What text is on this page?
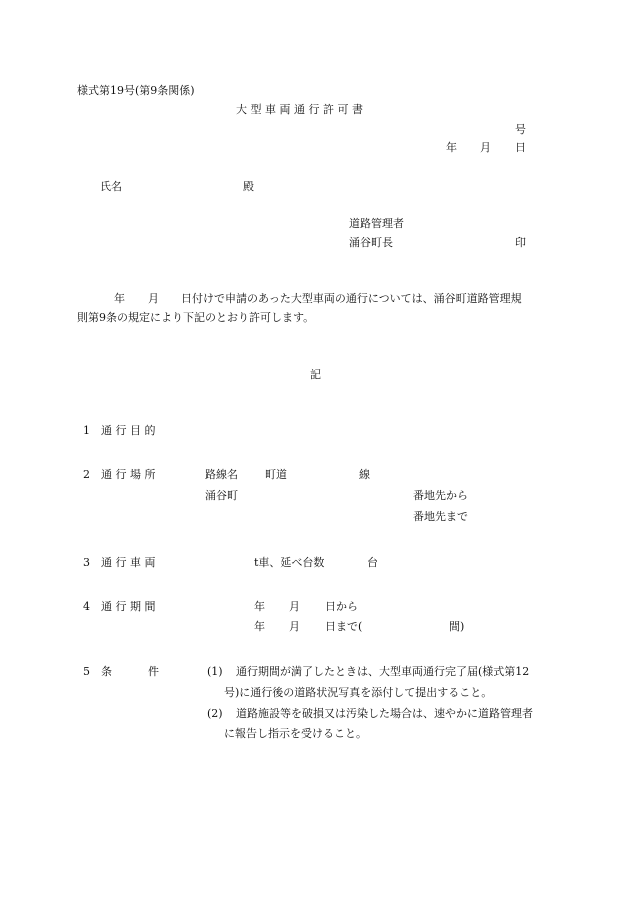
様式第19号(第9条関係)
大 型 車 両 通 行 許 可 書
号
年 月 日
氏名	殿
道路管理者
涌谷町長	印
年 月 日付けで申請のあった大型車両の通行については、涌谷町道路管理規
則第9条の規定により下記のとおり許可します。
記
1 通 行 目 的
2 通 行 場 所	路線名 町道	線
涌谷町	番地先から
番地先まで
3 通 行 車 両	t車、延べ台数	台
4 通 行 期 間	年 月 日から
年 月 日まで(	間)
5 条	件	(1) 通行期間が満了したときは、大型車両通行完了届(様式第12
号)に通行後の道路状況写真を添付して提出すること。
(2) 道路施設等を破損又は汚染した場合は、速やかに道路管理者
に報告し指示を受けること。
